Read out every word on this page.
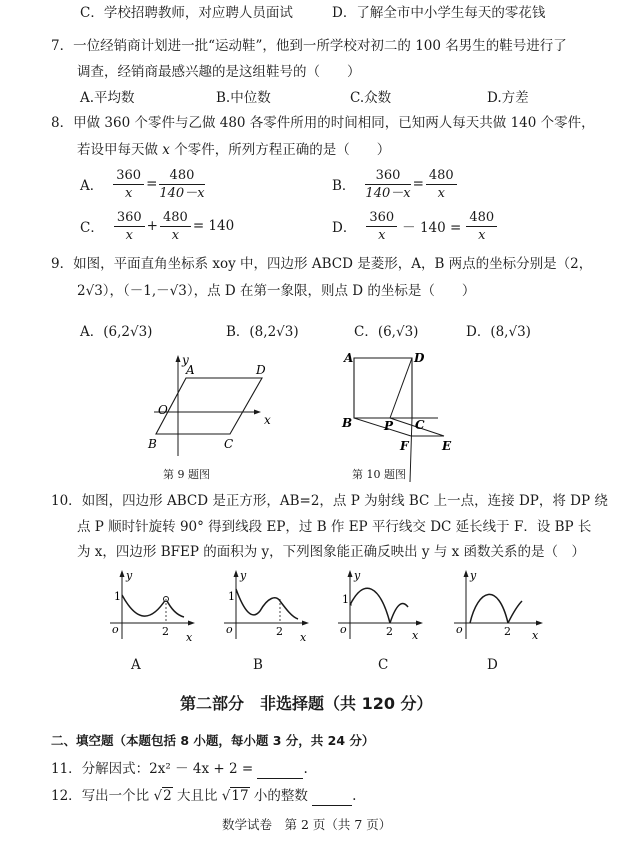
C．学校招聘教师，对应聘人员面试	D．了解全市中小学生每天的零花钱
7．一位经销商计划进一批“运动鞋”，他到一所学校对初二的 100 名男生的鞋号进行了
调查，经销商最感兴趣的是这组鞋号的（　　）
A.平均数	B.中位数	C.众数	D.方差
8．甲做 360 个零件与乙做 480 各零件所用的时间相同，已知两人每天共做 140 个零件，
若设甲每天做 x 个零件，所列方程正确的是（　　）
A． $\frac{360}{x} = \frac{480}{140-x}$	B． $\frac{360}{140-x} = \frac{480}{x}$
C． $\frac{360}{x} + \frac{480}{x} = 140$	D． $\frac{360}{x} - 140 = \frac{480}{x}$
9．如图，平面直角坐标系 xoy 中，四边形 ABCD 是菱形，A，B 两点的坐标分别是（2，
2√3），（－1,－√3），点 D 在第一象限，则点 D 的坐标是（　　）
A．(6,2√3)	B．(8,2√3)	C．(6,√3)	D．(8,√3)
y
x
O
A	D
C
B
第 9 题图
A	D
B	P C
F	E
第 10 题图
10．如图，四边形 ABCD 是正方形，AB=2，点 P 为射线 BC 上一点，连接 DP，将 DP 绕
点 P 顺时针旋转 90° 得到线段 EP，过 B 作 EP 平行线交 DC 延长线于 F．设 BP 长
为 x，四边形 BFEP 的面积为 y，下列图象能正确反映出 y 与 x 函数关系的是（　）
y
1
o	2 x
y
1
o	2 x
y
1
o	2 x
y
o	2 x
A	B	C	D
第二部分　非选择题（共 120 分）
二、填空题（本题包括 8 小题，每小题 3 分，共 24 分）
11．分解因式：2x² － 4x + 2 =	.
12．写出一个比 √2 大且比 √17 小的整数	.
数学试卷　第 2 页（共 7 页）
